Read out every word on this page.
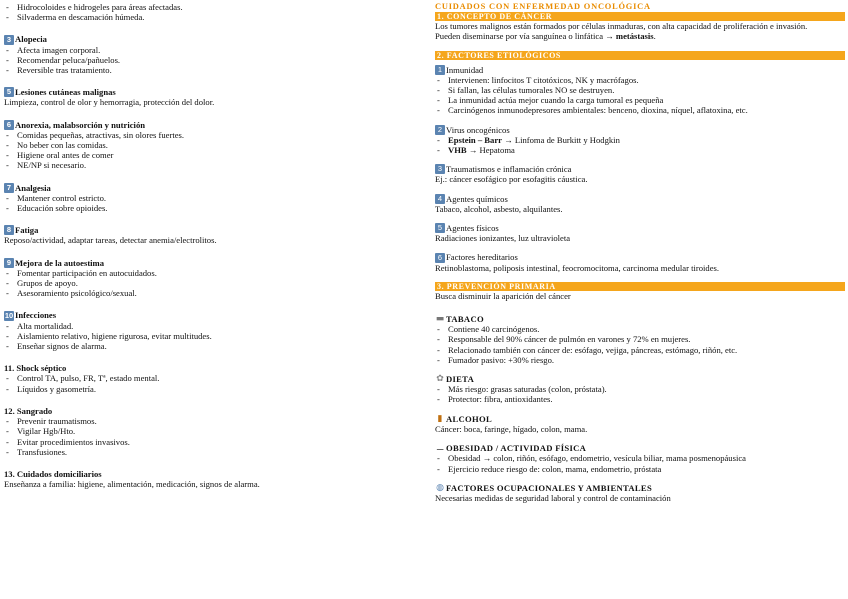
- Hidrocoloides e hidrogeles para áreas afectadas.
- Silvaderma en descamación húmeda.
3 Alopecia
- Afecta imagen corporal.
- Recomendar peluca/pañuelos.
- Reversible tras tratamiento.
5 Lesiones cutáneas malignas
Limpieza, control de olor y hemorragia, protección del dolor.
6 Anorexia, malabsorción y nutrición
- Comidas pequeñas, atractivas, sin olores fuertes.
- No beber con las comidas.
- Higiene oral antes de comer
- NE/NP si necesario.
7 Analgesia
- Mantener control estricto.
- Educación sobre opioides.
8 Fatiga
Reposo/actividad, adaptar tareas, detectar anemia/electrolitos.
9 Mejora de la autoestima
- Fomentar participación en autocuidados.
- Grupos de apoyo.
- Asesoramiento psicológico/sexual.
10 Infecciones
- Alta mortalidad.
- Aislamiento relativo, higiene rigurosa, evitar multitudes.
- Enseñar signos de alarma.
11. Shock séptico
- Control TA, pulso, FR, Tª, estado mental.
- Líquidos y gasometría.
12. Sangrado
- Prevenir traumatismos.
- Vigilar Hgb/Hto.
- Evitar procedimientos invasivos.
- Transfusiones.
13. Cuidados domiciliarios
Enseñanza a familia: higiene, alimentación, medicación, signos de alarma.
CUIDADOS CON ENFERMEDAD ONCOLÓGICA
1. CONCEPTO DE CÁNCER
Los tumores malignos están formados por células inmaduras, con alta capacidad de proliferación e invasión.
Pueden diseminarse por vía sanguínea o linfática → metástasis.
2. FACTORES ETIOLÓGICOS
1 Inmunidad
- Intervienen: linfocitos T citotóxicos, NK y macrófagos.
- Si fallan, las células tumorales NO se destruyen.
- La inmunidad actúa mejor cuando la carga tumoral es pequeña
- Carcinógenos inmunodepresores ambientales: benceno, dioxina, níquel, aflatoxina, etc.
2 Virus oncogénicos
- Epstein – Barr → Linfoma de Burkitt y Hodgkin
- VHB → Hepatoma
3 Traumatismos e inflamación crónica
Ej.: cáncer esofágico por esofagitis cáustica.
4 Agentes químicos
Tabaco, alcohol, asbesto, alquilantes.
5 Agentes físicos
Radiaciones ionizantes, luz ultravioleta
6 Factores hereditarios
Retinoblastoma, poliposis intestinal, feocromocitoma, carcinoma medular tiroides.
3. PREVENCIÓN PRIMARIA
Busca disminuir la aparición del cáncer
▬ TABACO
- Contiene 40 carcinógenos.
- Responsable del 90% cáncer de pulmón en varones y 72% en mujeres.
- Relacionado también con cáncer de: esófago, vejiga, páncreas, estómago, riñón, etc.
- Fumador pasivo: +30% riesgo.
✿ DIETA
- Más riesgo: grasas saturadas (colon, próstata).
- Protector: fibra, antioxidantes.
▮ ALCOHOL
Cáncer: boca, faringe, hígado, colon, mama.
⚊ OBESIDAD / ACTIVIDAD FÍSICA
- Obesidad → colon, riñón, esófago, endometrio, vesícula biliar, mama posmenopáusica
- Ejercicio reduce riesgo de: colon, mama, endometrio, próstata
◍ FACTORES OCUPACIONALES Y AMBIENTALES
Necesarias medidas de seguridad laboral y control de contaminación
